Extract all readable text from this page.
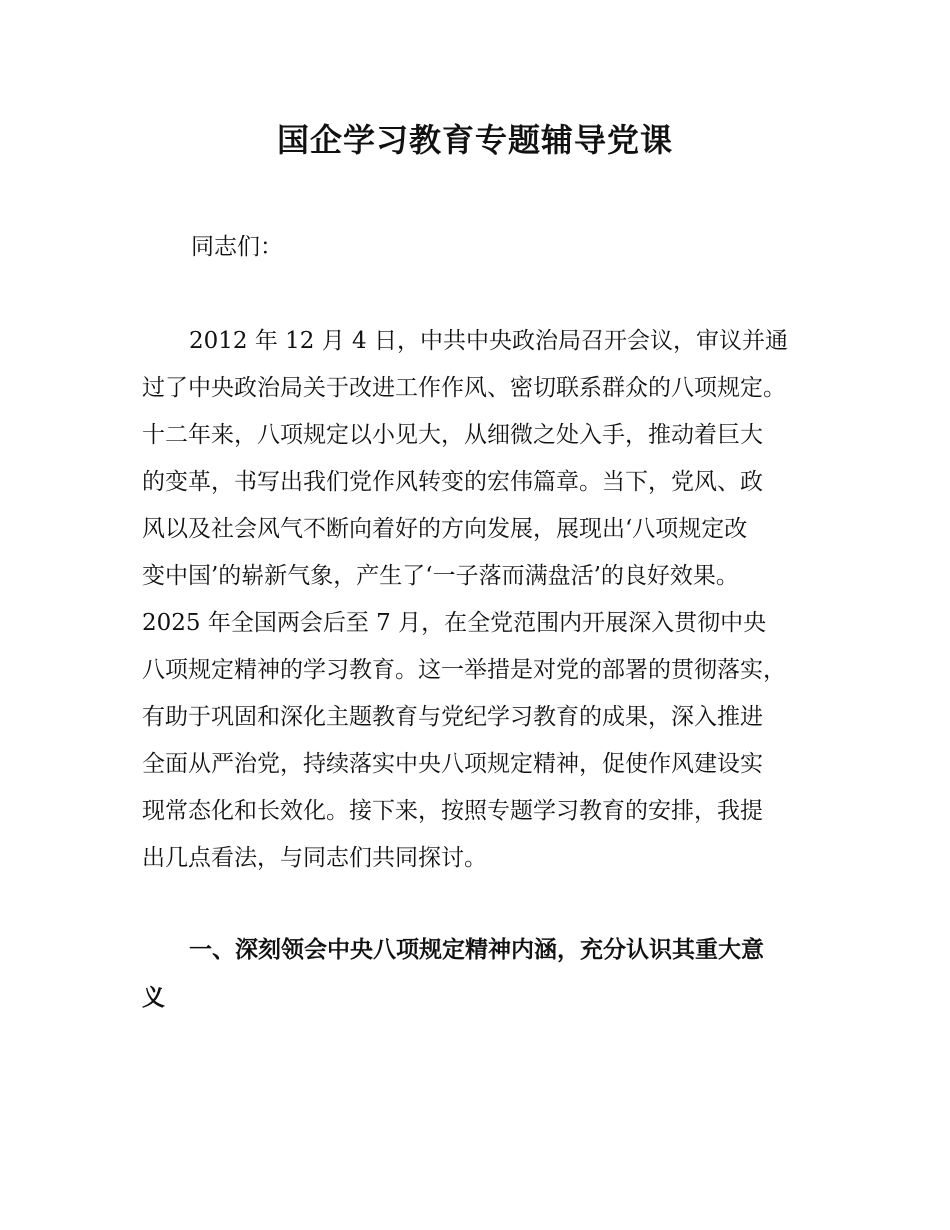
国企学习教育专题辅导党课

同志们：

2012 年 12 月 4 日，中共中央政治局召开会议，审议并通

过了中央政治局关于改进工作作风、密切联系群众的八项规定。

十二年来，八项规定以小见大，从细微之处入手，推动着巨大

的变革，书写出我们党作风转变的宏伟篇章。当下，党风、政

风以及社会风气不断向着好的方向发展，展现出‘八项规定改

变中国’的崭新气象，产生了‘一子落而满盘活’的良好效果。

2025 年全国两会后至 7 月，在全党范围内开展深入贯彻中央

八项规定精神的学习教育。这一举措是对党的部署的贯彻落实，

有助于巩固和深化主题教育与党纪学习教育的成果，深入推进

全面从严治党，持续落实中央八项规定精神，促使作风建设实

现常态化和长效化。接下来，按照专题学习教育的安排，我提

出几点看法，与同志们共同探讨。

一、深刻领会中央八项规定精神内涵，充分认识其重大意

义
